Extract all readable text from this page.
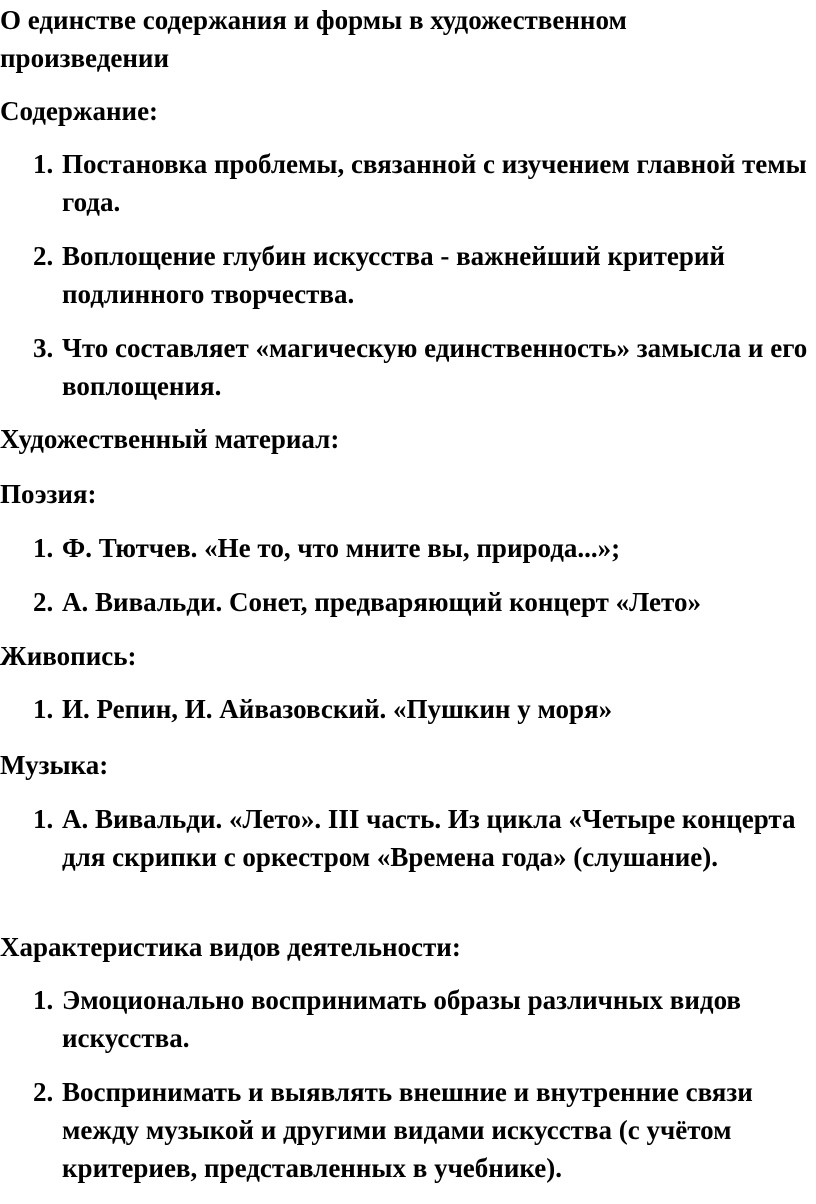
О единстве содержания и формы в художественном произведении

Содержание:

1. Постановка проблемы, связанной с изучением главной темы года.
2. Воплощение глубин искусства - важнейший критерий подлинного творчества.
3. Что составляет «магическую единственность» замысла и его воплощения.

Художественный материал:

Поэзия:

1. Ф. Тютчев. «Не то, что мните вы, природа...»;
2. А. Вивальди. Сонет, предваряющий концерт «Лето»

Живопись:

1. И. Репин, И. Айвазовский. «Пушкин у моря»

Музыка:

1. А. Вивальди. «Лето». III часть. Из цикла «Четыре концерта для скрипки с оркестром «Времена года» (слушание).

Характеристика видов деятельности:

1. Эмоционально воспринимать образы различных видов искусства.
2. Воспринимать и выявлять внешние и внутренние связи между музыкой и другими видами искусства (с учётом критериев, представленных в учебнике).
